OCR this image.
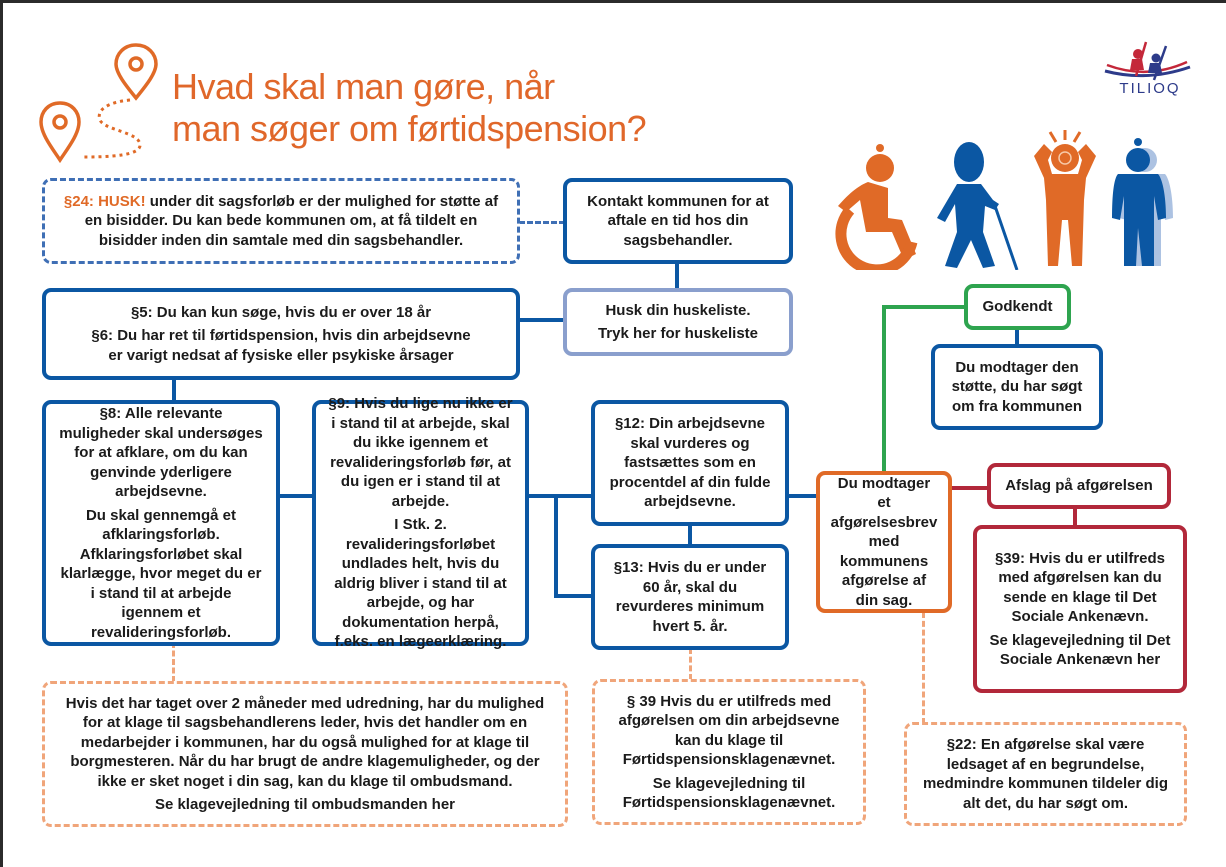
Hvad skal man gøre, når
man søger om førtidspension?
TILIOQ

§24: HUSK! under dit sagsforløb er der mulighed for støtte af en bisidder. Du kan bede kommunen om, at få tildelt en bisidder inden din samtale med din sagsbehandler.

Kontakt kommunen for at aftale en tid hos din sagsbehandler.

Husk din huskeliste.

Tryk her for huskeliste

§5: Du kan kun søge, hvis du er over 18 år

§6: Du har ret til førtidspension, hvis din arbejdsevne er varigt nedsat af fysiske eller psykiske årsager

§8: Alle relevante muligheder skal undersøges for at afklare, om du kan genvinde yderligere arbejdsevne.

Du skal gennemgå et afklaringsforløb. Afklaringsforløbet skal klarlægge, hvor meget du er i stand til at arbejde igennem et revalideringsforløb.

§9: Hvis du lige nu ikke er i stand til at arbejde, skal du ikke igennem et revalideringsforløb før, at du igen er i stand til at arbejde.

I Stk. 2. revalideringsforløbet undlades helt, hvis du aldrig bliver i stand til at arbejde, og har dokumentation herpå, f.eks. en lægeerklæring.

§12: Din arbejdsevne skal vurderes og fastsættes som en procentdel af din fulde arbejdsevne.

§13: Hvis du er under 60 år, skal du revurderes minimum hvert 5. år.

Du modtager et afgørelsesbrev med kommunens afgørelse af din sag.

Godkendt

Du modtager den støtte, du har søgt om fra kommunen

Afslag på afgørelsen

§39: Hvis du er utilfreds med afgørelsen kan du sende en klage til Det Sociale Ankenævn.

Se klagevejledning til Det Sociale Ankenævn her

Hvis det har taget over 2 måneder med udredning, har du mulighed for at klage til sagsbehandlerens leder, hvis det handler om en medarbejder i kommunen, har du også mulighed for at klage til borgmesteren. Når du har brugt de andre klagemuligheder, og der ikke er sket noget i din sag, kan du klage til ombudsmand.

Se klagevejledning til ombudsmanden her

§ 39 Hvis du er utilfreds med afgørelsen om din arbejdsevne kan du klage til Førtidspensionsklagenævnet.

Se klagevejledning til Førtidspensionsklagenævnet.

§22: En afgørelse skal være ledsaget af en begrundelse, medmindre kommunen tildeler dig alt det, du har søgt om.
